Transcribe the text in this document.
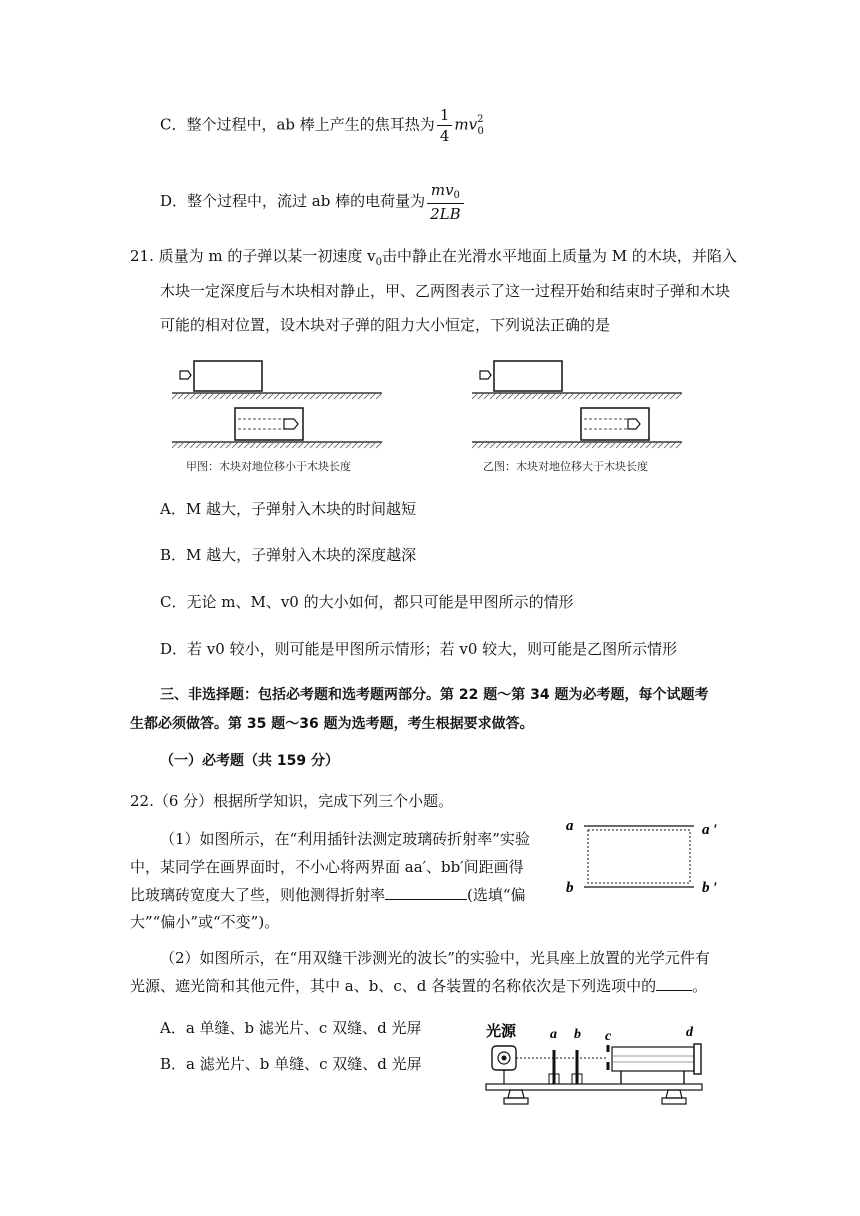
C．整个过程中，ab 棒上产生的焦耳热为 $\frac{1}{4} mv^2_0$
D．整个过程中，流过 ab 棒的电荷量为 $\frac{mv_0}{2LB}$
21. 质量为 m 的子弹以某一初速度 $v_0$击中静止在光滑水平地面上质量为 M 的木块，并陷入
木块一定深度后与木块相对静止，甲、乙两图表示了这一过程开始和结束时子弹和木块
可能的相对位置，设木块对子弹的阻力大小恒定，下列说法正确的是
甲图：木块对地位移小于木块长度	乙图：木块对地位移大于木块长度
A．M 越大，子弹射入木块的时间越短
B．M 越大，子弹射入木块的深度越深
C．无论 m、M、v0 的大小如何，都只可能是甲图所示的情形
D．若 v0 较小，则可能是甲图所示情形；若 v0 较大，则可能是乙图所示情形
三、非选择题：包括必考题和选考题两部分。第 22 题～第 34 题为必考题，每个试题考
生都必须做答。第 35 题～36 题为选考题，考生根据要求做答。
（一）必考题（共 159 分）
22.（6 分）根据所学知识，完成下列三个小题。
（1）如图所示，在“利用插针法测定玻璃砖折射率”实验
中，某同学在画界面时，不小心将两界面 aa′、bb′间距画得
比玻璃砖宽度大了些，则他测得折射率	(选填“偏
大”“偏小”或“不变”)。
a	a ′
b	b ′
（2）如图所示，在“用双缝干涉测光的波长”的实验中，光具座上放置的光学元件有
光源、遮光筒和其他元件，其中 a、b、c、d 各装置的名称依次是下列选项中的 。
A．a 单缝、b 滤光片、c 双缝、d 光屏
B．a 滤光片、b 单缝、c 双缝、d 光屏
光源 a b c	d
